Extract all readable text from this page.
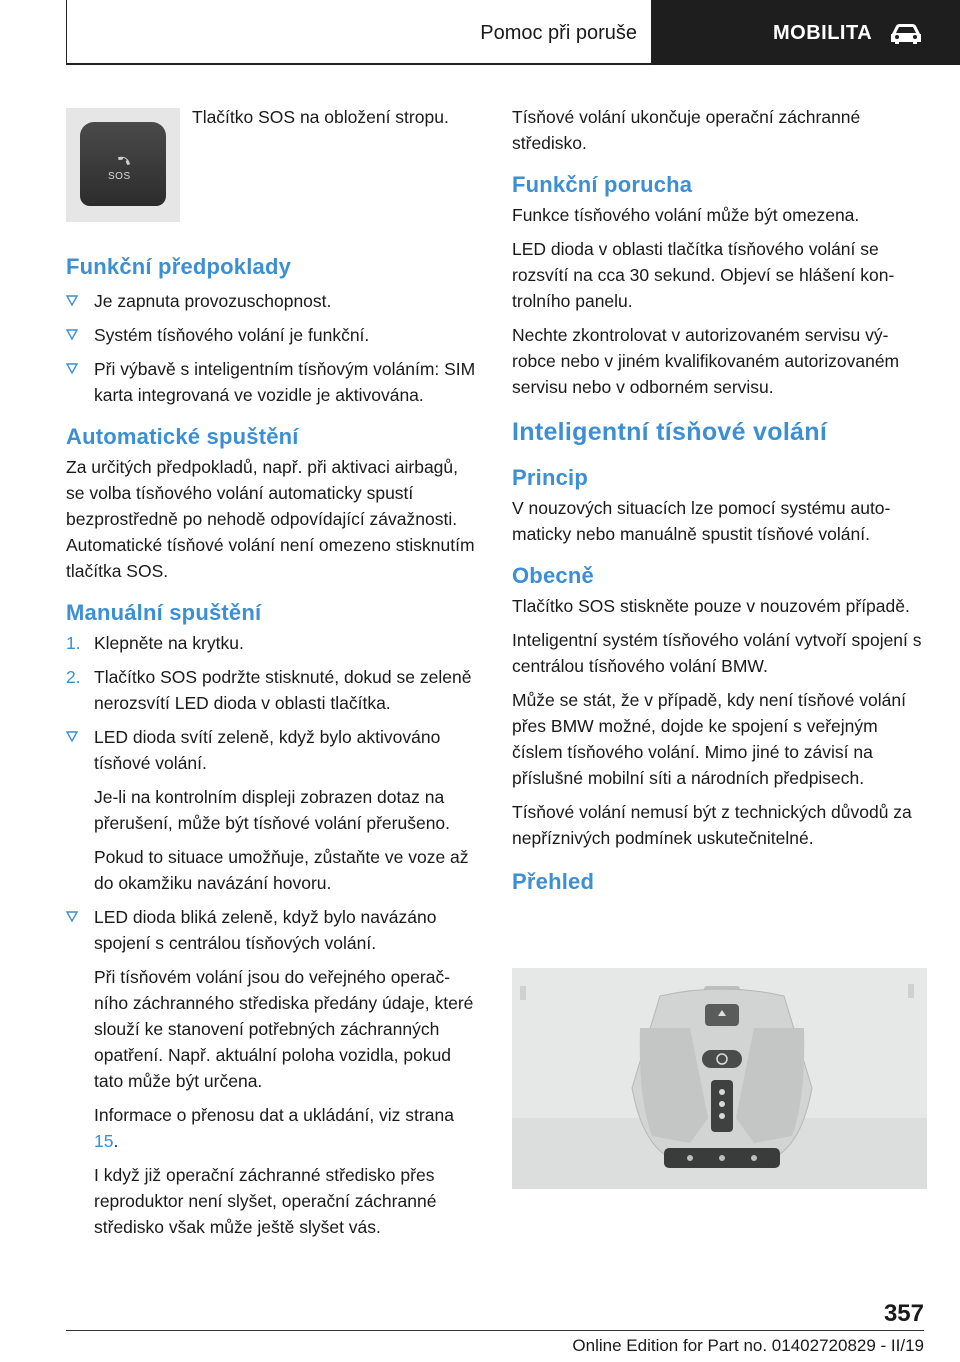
Pomoc při poruše	MOBILITA
SOS

Tlačítko SOS na obložení stropu.

Funkční předpoklady
Je zapnuta provozuschopnost.
Systém tísňového volání je funkční.
Při výbavě s inteligentním tísňovým voláním: SIM karta integrovaná ve vozidle je aktivována.
Automatické spuštění

Za určitých předpokladů, např. při aktivaci airbagů, se volba tísňového volání automaticky spustí bezprostředně po nehodě odpovídající závažnosti. Automatické tísňové volání není omezeno stisknutím tlačítka SOS.

Manuální spuštění
1. Klepněte na krytku.
2. Tlačítko SOS podržte stisknuté, dokud se zeleně nerozsvítí LED dioda v oblasti tlačítka.
LED dioda svítí zeleně, když bylo aktivováno tísňové volání.

Je-li na kontrolním displeji zobrazen dotaz na přerušení, může být tísňové volání přerušeno.

Pokud to situace umožňuje, zůstaňte ve voze až do okamžiku navázání hovoru.

LED dioda bliká zeleně, když bylo navázáno spojení s centrálou tísňových volání.

Při tísňovém volání jsou do veřejného operačního záchranného střediska předány údaje, které slouží ke stanovení potřebných záchranných opatření. Např. aktuální poloha vozidla, pokud tato může být určena.

Informace o přenosu dat a ukládání, viz strana 15.

I když již operační záchranné středisko přes reproduktor není slyšet, operační záchranné středisko však může ještě slyšet vás.

Tísňové volání ukončuje operační záchranné středisko.

Funkční porucha

Funkce tísňového volání může být omezena.

LED dioda v oblasti tlačítka tísňového volání se rozsvítí na cca 30 sekund. Objeví se hlášení kontrolního panelu.

Nechte zkontrolovat v autorizovaném servisu výrobce nebo v jiném kvalifikovaném autorizovaném servisu nebo v odborném servisu.

Inteligentní tísňové volání
Princip

V nouzových situacích lze pomocí systému automaticky nebo manuálně spustit tísňové volání.

Obecně

Tlačítko SOS stiskněte pouze v nouzovém případě.

Inteligentní systém tísňového volání vytvoří spojení s centrálou tísňového volání BMW.

Může se stát, že v případě, kdy není tísňové volání přes BMW možné, dojde ke spojení s veřejným číslem tísňového volání. Mimo jiné to závisí na příslušné mobilní síti a národních předpisech.

Tísňové volání nemusí být z technických důvodů za nepříznivých podmínek uskutečnitelné.

Přehled
357
Online Edition for Part no. 01402720829 - II/19
